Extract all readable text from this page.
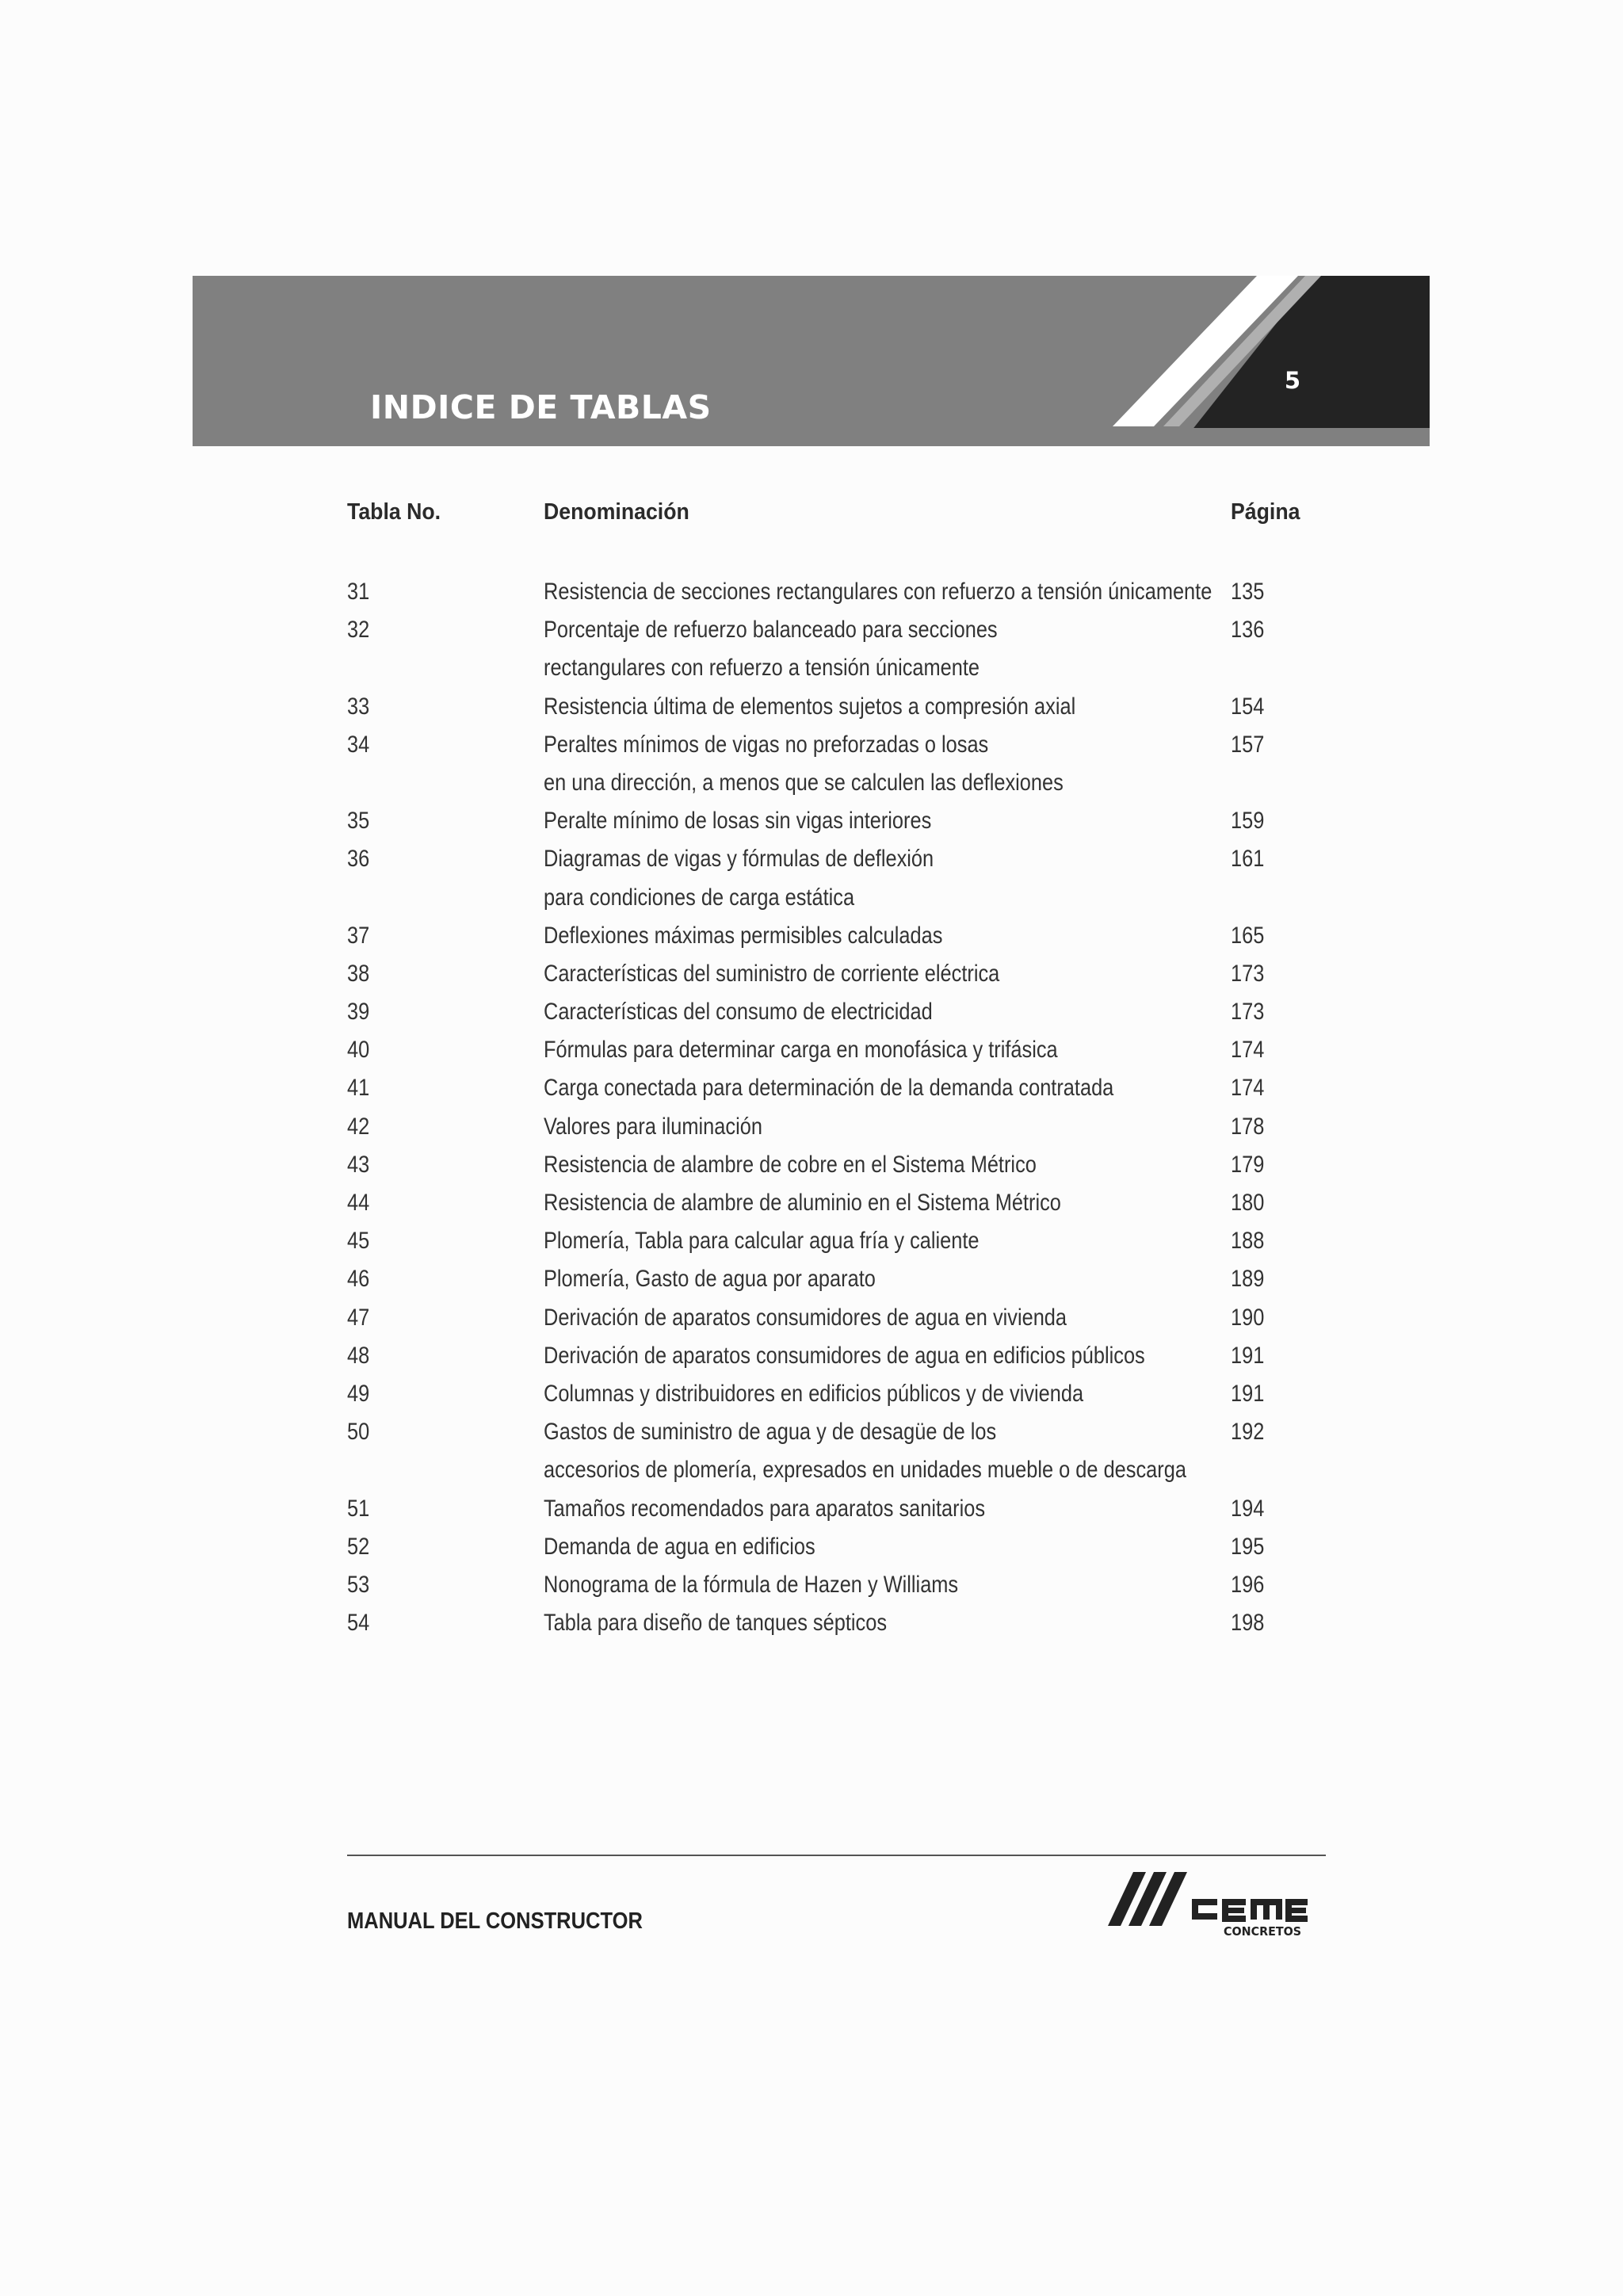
INDICE DE TABLAS
5
Tabla No.	Denominación	Página
31	Resistencia de secciones rectangulares con refuerzo a tensión únicamente 135
32	Porcentaje de refuerzo balanceado para secciones	136
rectangulares con refuerzo a tensión únicamente
33	Resistencia última de elementos sujetos a compresión axial	154
34	Peraltes mínimos de vigas no preforzadas o losas	157
en una dirección, a menos que se calculen las deflexiones
35	Peralte mínimo de losas sin vigas interiores	159
36	Diagramas de vigas y fórmulas de deflexión	161
para condiciones de carga estática
37	Deflexiones máximas permisibles calculadas	165
38	Características del suministro de corriente eléctrica	173
39	Características del consumo de electricidad	173
40	Fórmulas para determinar carga en monofásica y trifásica	174
41	Carga conectada para determinación de la demanda contratada	174
42	Valores para iluminación	178
43	Resistencia de alambre de cobre en el Sistema Métrico	179
44	Resistencia de alambre de aluminio en el Sistema Métrico	180
45	Plomería, Tabla para calcular agua fría y caliente	188
46	Plomería, Gasto de agua por aparato	189
47	Derivación de aparatos consumidores de agua en vivienda	190
48	Derivación de aparatos consumidores de agua en edificios públicos	191
49	Columnas y distribuidores en edificios públicos y de vivienda	191
50	Gastos de suministro de agua y de desagüe de los	192
accesorios de plomería, expresados en unidades mueble o de descarga
51	Tamaños recomendados para aparatos sanitarios	194
52	Demanda de agua en edificios	195
53	Nonograma de la fórmula de Hazen y Williams	196
54	Tabla para diseño de tanques sépticos	198
MANUAL DEL CONSTRUCTOR	CONCRETOS
